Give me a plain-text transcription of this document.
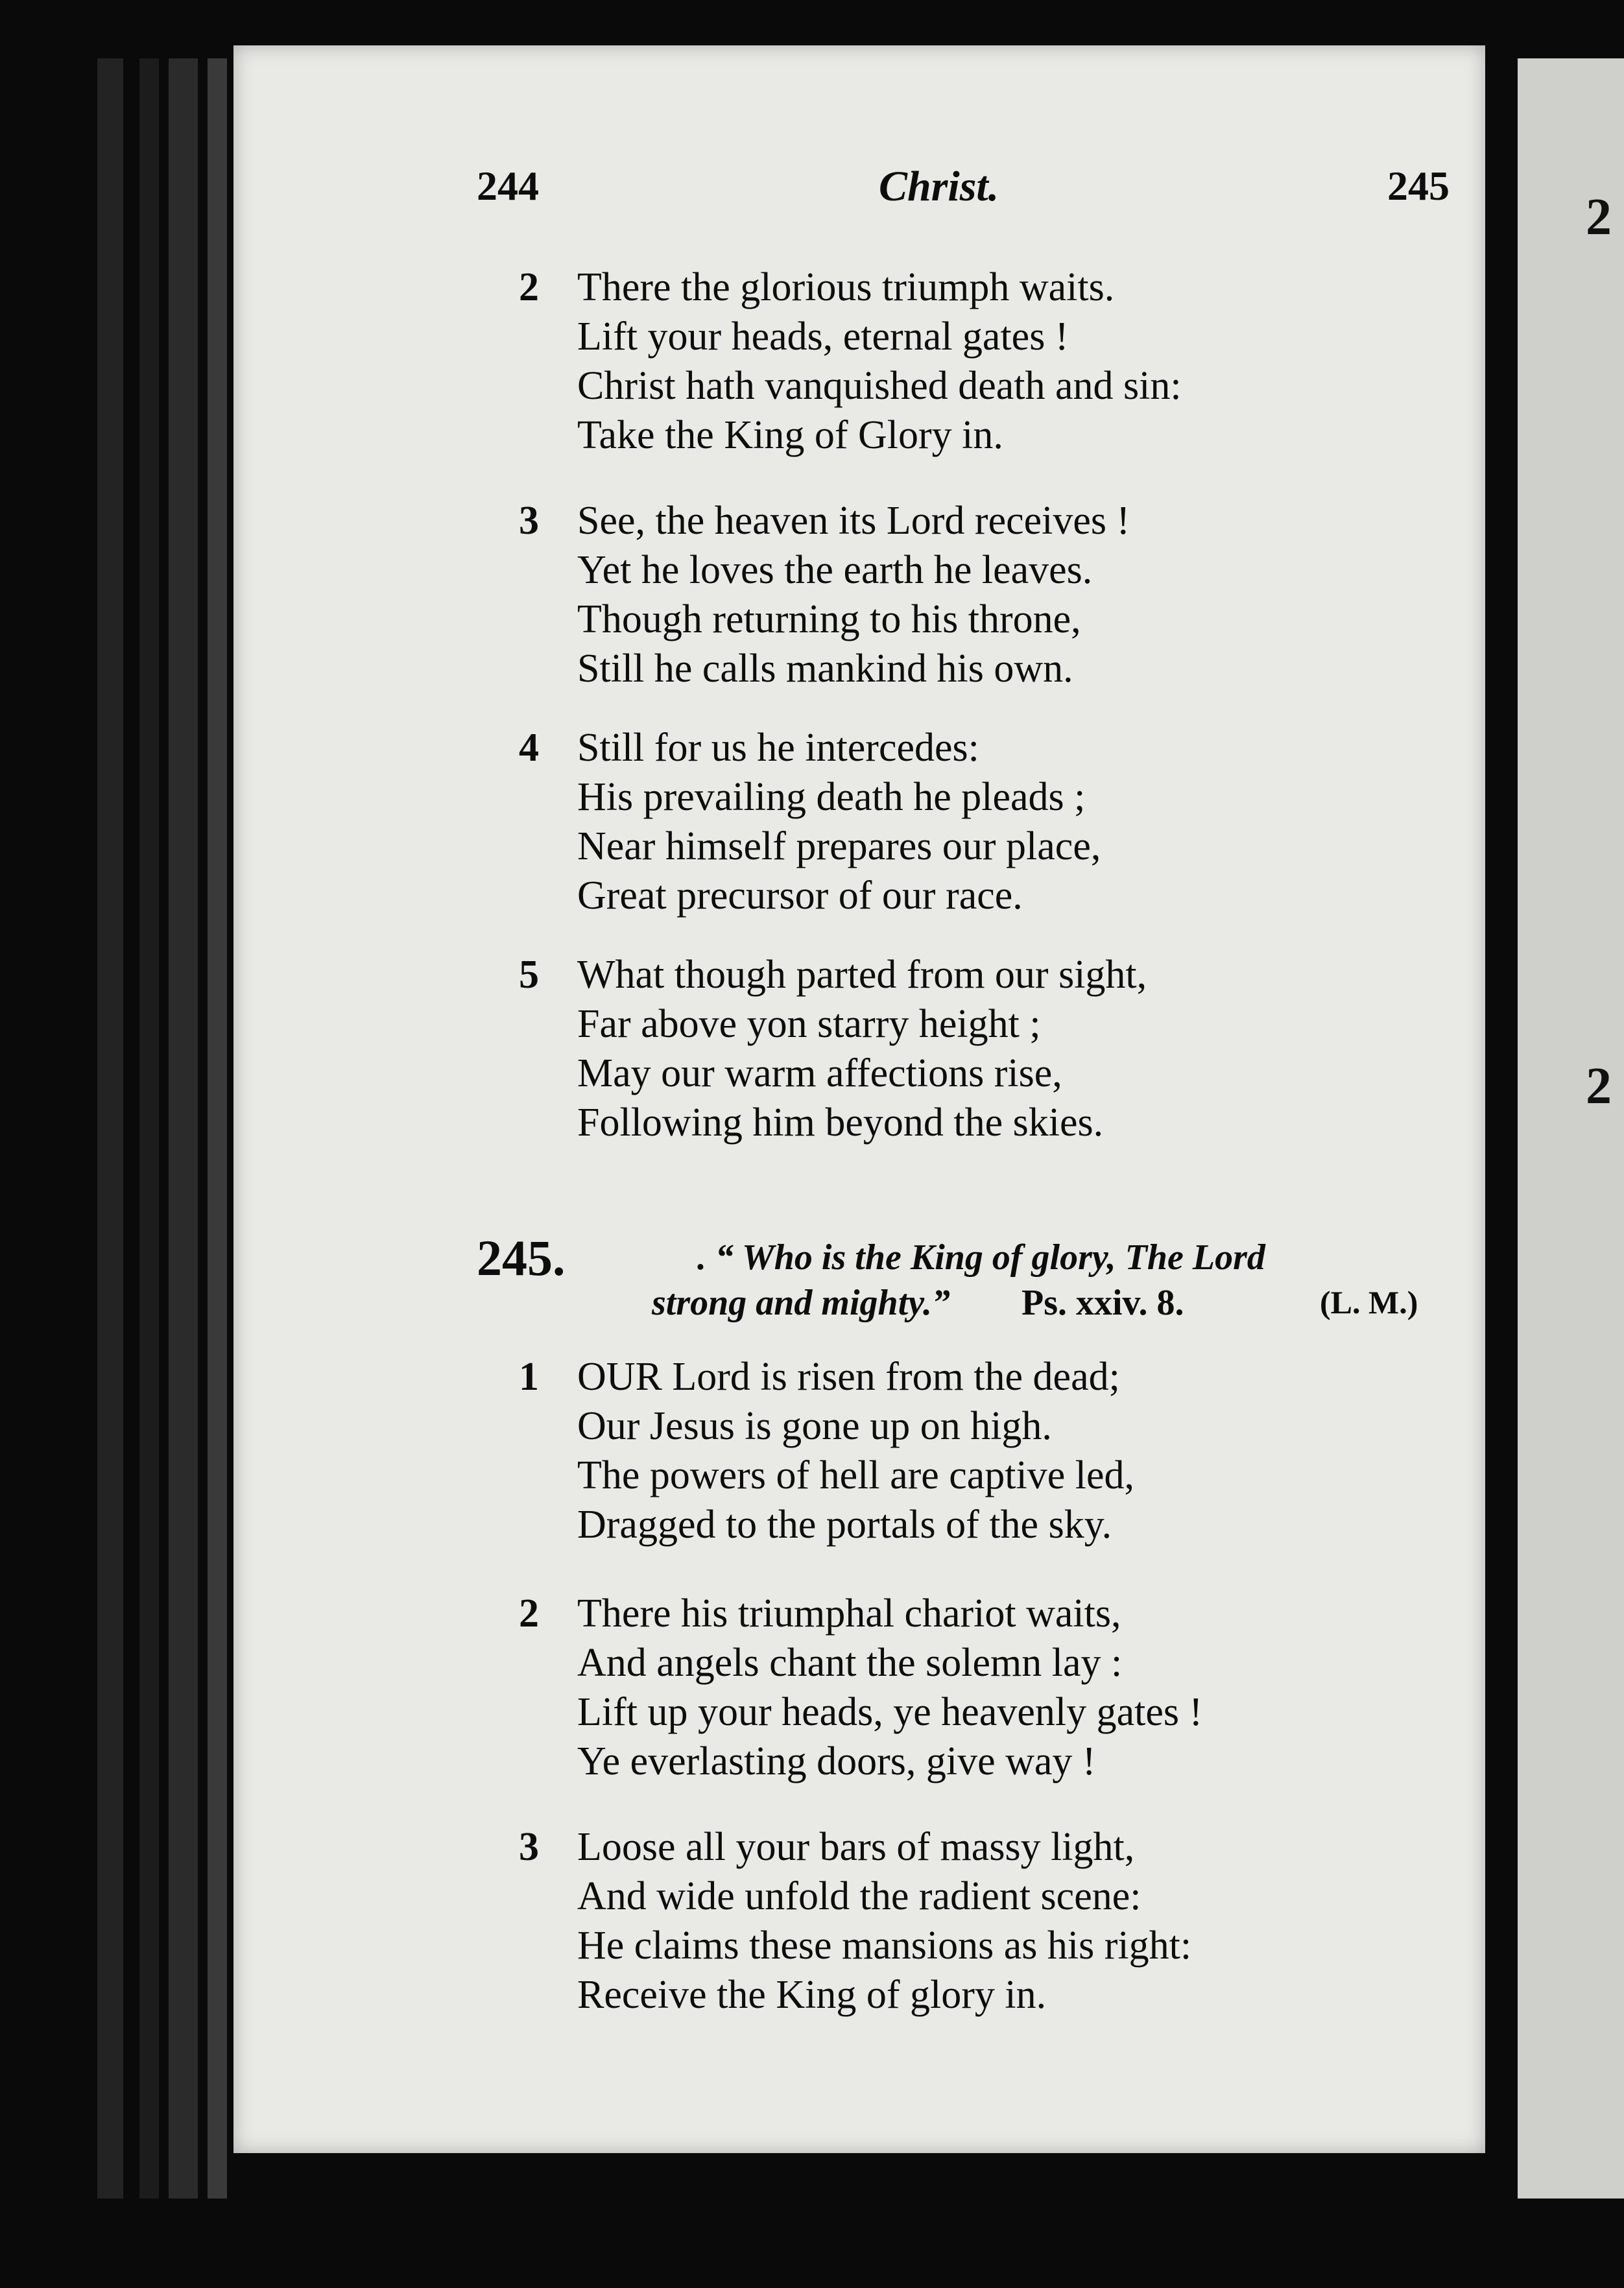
2
2
244	Christ.	245
2 There the glorious triumph waits.
Lift your heads, eternal gates !
Christ hath vanquished death and sin:
Take the King of Glory in.
3 See, the heaven its Lord receives !
Yet he loves the earth he leaves.
Though returning to his throne,
Still he calls mankind his own.
4 Still for us he intercedes:
His prevailing death he pleads ;
Near himself prepares our place,
Great precursor of our race.
5 What though parted from our sight,
Far above yon starry height ;
May our warm affections rise,
Following him beyond the skies.
245.	. “ Who is the King of glory, The Lord
strong and mighty.” Ps. xxiv. 8.	(L. M.)
1 OUR Lord is risen from the dead;
Our Jesus is gone up on high.
The powers of hell are captive led,
Dragged to the portals of the sky.
2 There his triumphal chariot waits,
And angels chant the solemn lay :
Lift up your heads, ye heavenly gates !
Ye everlasting doors, give way !
3 Loose all your bars of massy light,
And wide unfold the radient scene:
He claims these mansions as his right:
Receive the King of glory in.
